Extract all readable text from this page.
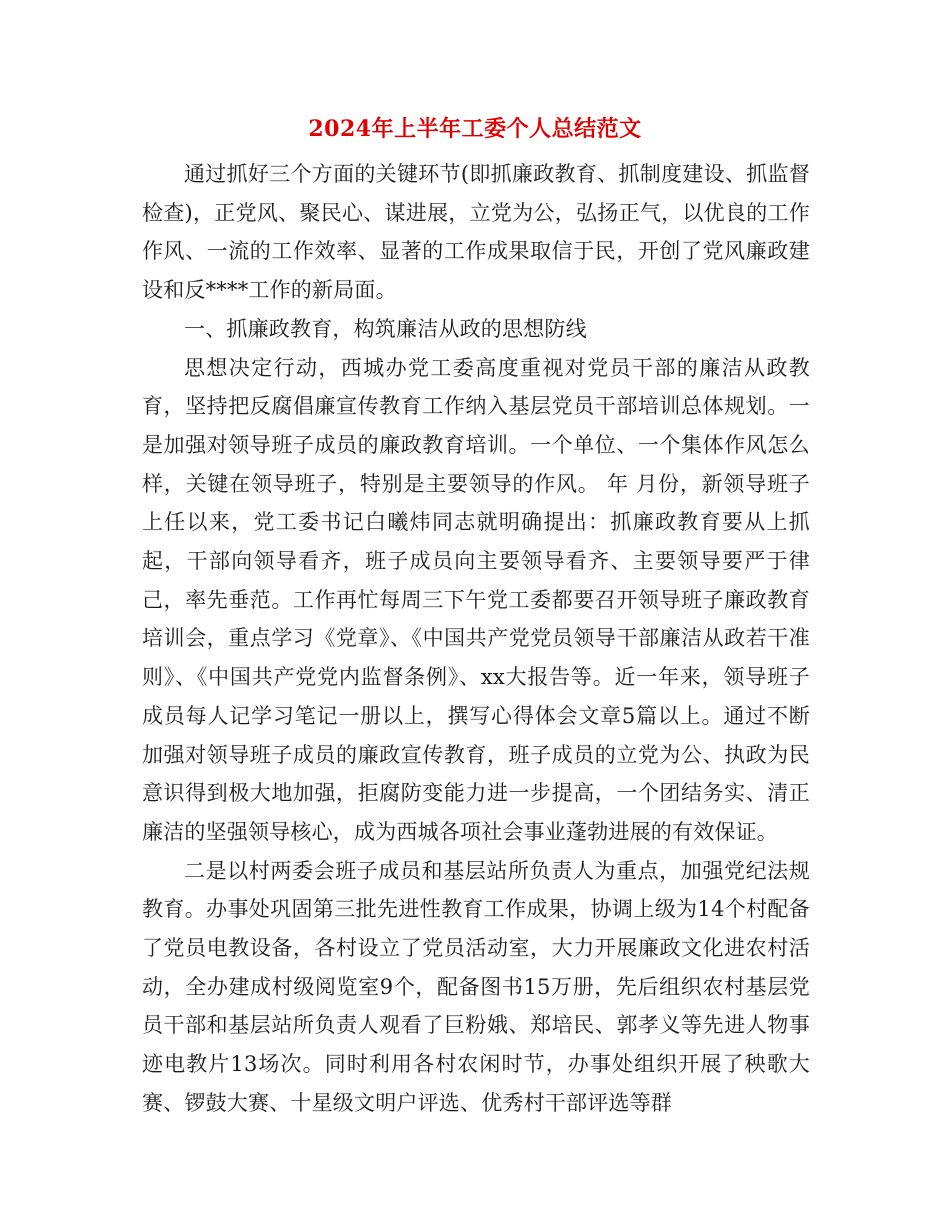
2024年上半年工委个人总结范文

通过抓好三个方面的关键环节(即抓廉政教育、抓制度建设、抓监督检查)，正党风、聚民心、谋进展，立党为公，弘扬正气，以优良的工作作风、一流的工作效率、显著的工作成果取信于民，开创了党风廉政建设和反****工作的新局面。

一、抓廉政教育，构筑廉洁从政的思想防线

思想决定行动，西城办党工委高度重视对党员干部的廉洁从政教育，坚持把反腐倡廉宣传教育工作纳入基层党员干部培训总体规划。一是加强对领导班子成员的廉政教育培训。一个单位、一个集体作风怎么样，关键在领导班子，特别是主要领导的作风。 年 月份，新领导班子上任以来，党工委书记白曦炜同志就明确提出：抓廉政教育要从上抓起，干部向领导看齐，班子成员向主要领导看齐、主要领导要严于律己，率先垂范。工作再忙每周三下午党工委都要召开领导班子廉政教育培训会，重点学习《党章》、《中国共产党党员领导干部廉洁从政若干准则》、《中国共产党党内监督条例》、xx大报告等。近一年来，领导班子成员每人记学习笔记一册以上，撰写心得体会文章5篇以上。通过不断加强对领导班子成员的廉政宣传教育，班子成员的立党为公、执政为民意识得到极大地加强，拒腐防变能力进一步提高，一个团结务实、清正廉洁的坚强领导核心，成为西城各项社会事业蓬勃进展的有效保证。

二是以村两委会班子成员和基层站所负责人为重点，加强党纪法规教育。办事处巩固第三批先进性教育工作成果，协调上级为14个村配备了党员电教设备，各村设立了党员活动室，大力开展廉政文化进农村活动，全办建成村级阅览室9个，配备图书15万册，先后组织农村基层党员干部和基层站所负责人观看了巨粉娥、郑培民、郭孝义等先进人物事迹电教片13场次。同时利用各村农闲时节，办事处组织开展了秧歌大赛、锣鼓大赛、十星级文明户评选、优秀村干部评选等群
